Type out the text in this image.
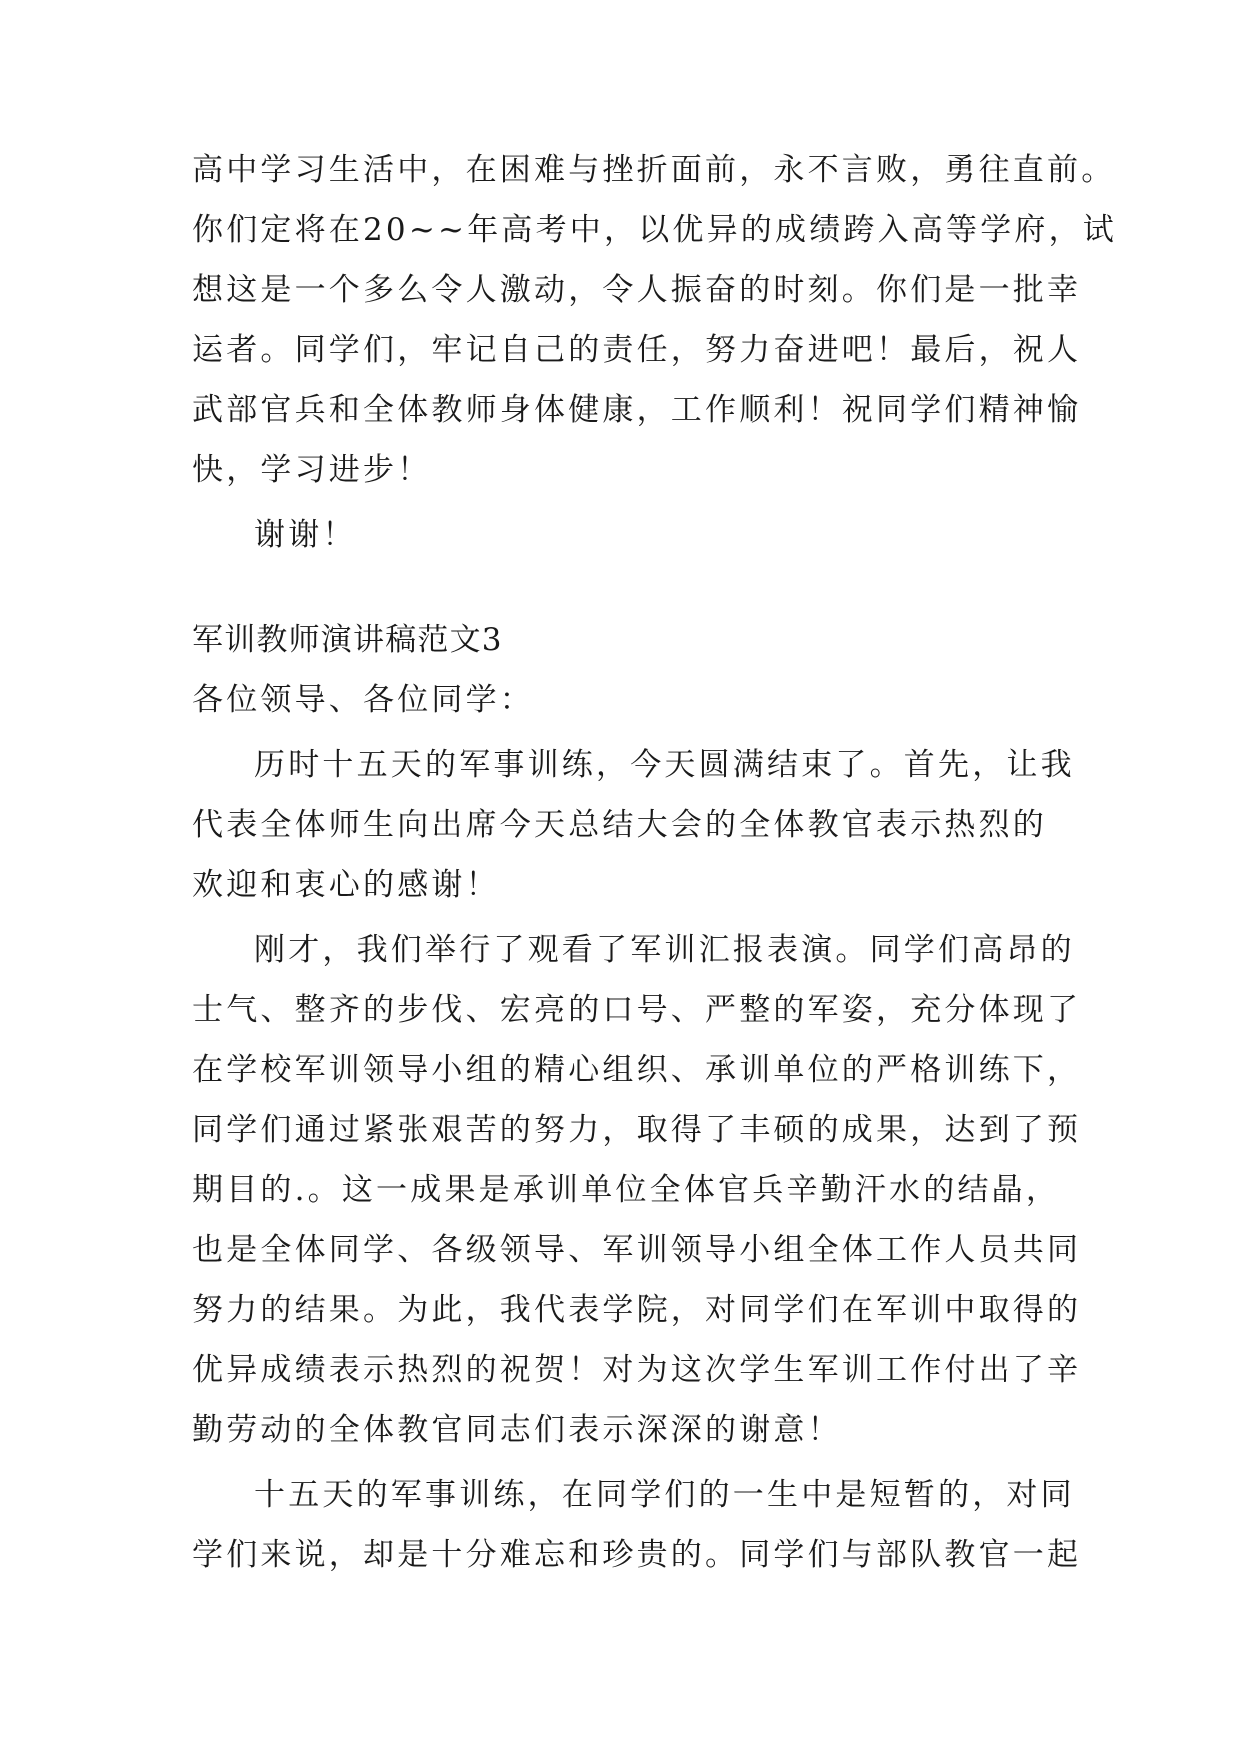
高中学习生活中，在困难与挫折面前，永不言败，勇往直前。
你们定将在20~~年高考中，以优异的成绩跨入高等学府，试
想这是一个多么令人激动，令人振奋的时刻。你们是一批幸
运者。同学们，牢记自己的责任，努力奋进吧！最后，祝人
武部官兵和全体教师身体健康，工作顺利！祝同学们精神愉
快，学习进步！
谢谢！
军训教师演讲稿范文3
各位领导、各位同学：
历时十五天的军事训练，今天圆满结束了。首先，让我
代表全体师生向出席今天总结大会的全体教官表示热烈的
欢迎和衷心的感谢！
刚才，我们举行了观看了军训汇报表演。同学们高昂的
士气、整齐的步伐、宏亮的口号、严整的军姿，充分体现了
在学校军训领导小组的精心组织、承训单位的严格训练下，
同学们通过紧张艰苦的努力，取得了丰硕的成果，达到了预
期目的.。这一成果是承训单位全体官兵辛勤汗水的结晶，
也是全体同学、各级领导、军训领导小组全体工作人员共同
努力的结果。为此，我代表学院，对同学们在军训中取得的
优异成绩表示热烈的祝贺！对为这次学生军训工作付出了辛
勤劳动的全体教官同志们表示深深的谢意！
十五天的军事训练，在同学们的一生中是短暂的，对同
学们来说，却是十分难忘和珍贵的。同学们与部队教官一起
